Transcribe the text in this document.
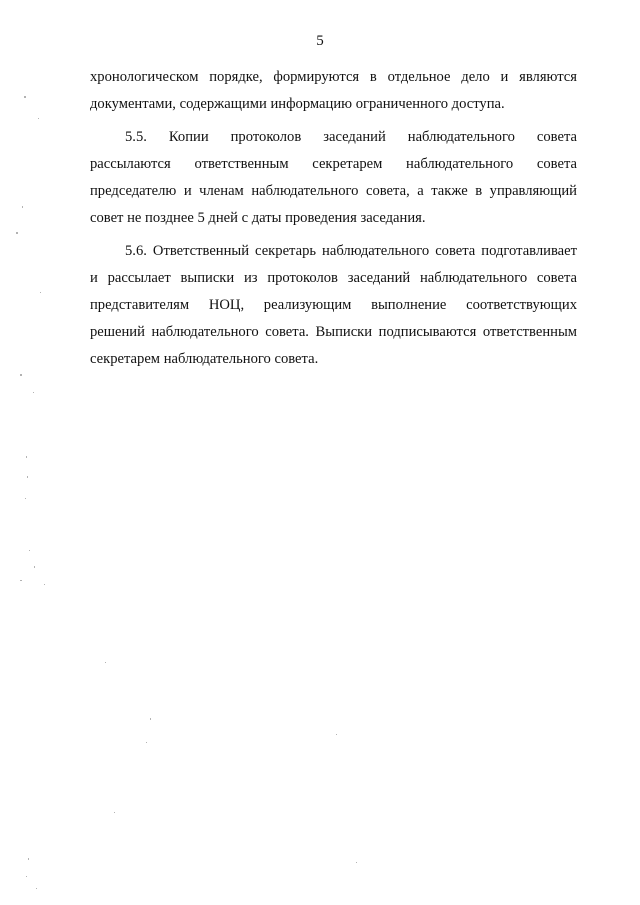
5
хронологическом порядке, формируются в отдельное дело и являются
документами, содержащими информацию ограниченного доступа.
5.5. Копии протоколов заседаний наблюдательного совета
рассылаются ответственным секретарем наблюдательного совета
председателю и членам наблюдательного совета, а также в управляющий
совет не позднее 5 дней с даты проведения заседания.
5.6. Ответственный секретарь наблюдательного совета подготавливает
и рассылает выписки из протоколов заседаний наблюдательного совета
представителям НОЦ, реализующим выполнение соответствующих
решений наблюдательного совета. Выписки подписываются ответственным
секретарем наблюдательного совета.
